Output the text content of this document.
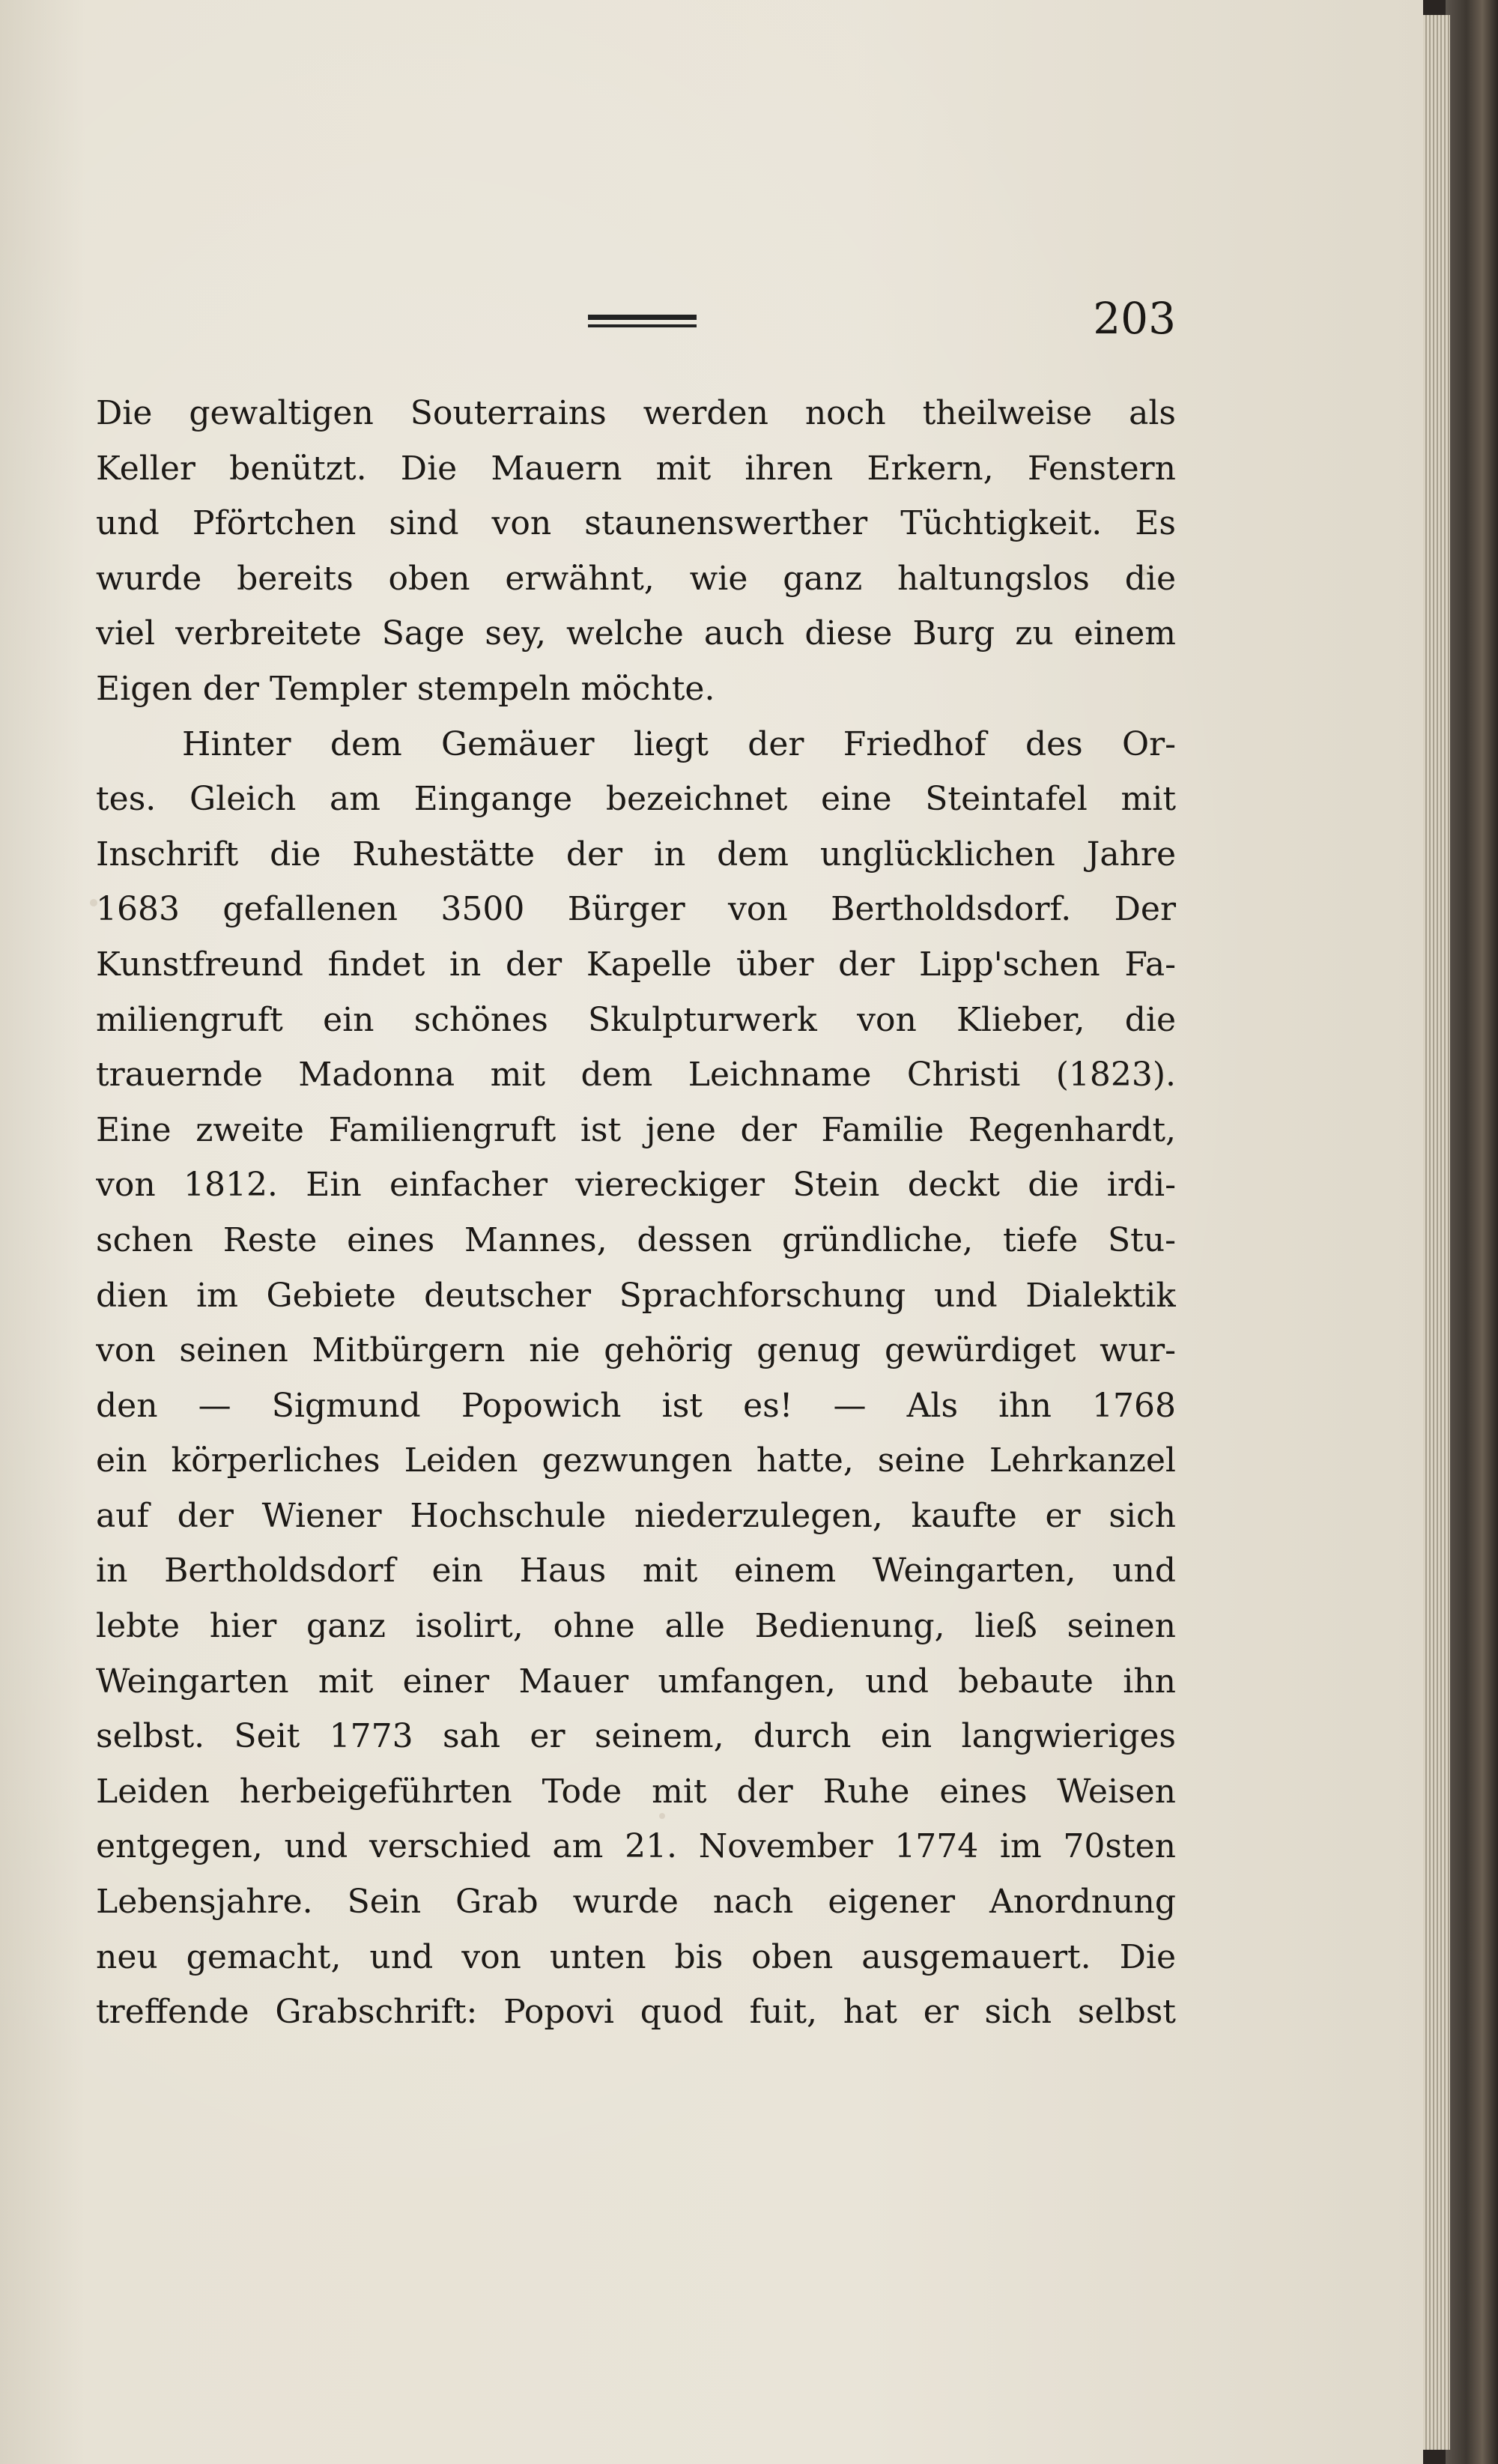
203
Die gewaltigen Souterrains werden noch theilweise als
Keller benützt. Die Mauern mit ihren Erkern, Fenstern
und Pförtchen sind von staunenswerther Tüchtigkeit. Es
wurde bereits oben erwähnt, wie ganz haltungslos die
viel verbreitete Sage sey, welche auch diese Burg zu einem
Eigen der Templer stempeln möchte.
Hinter dem Gemäuer liegt der Friedhof des Or-
tes. Gleich am Eingange bezeichnet eine Steintafel mit
Inschrift die Ruhestätte der in dem unglücklichen Jahre
1683 gefallenen 3500 Bürger von Bertholdsdorf. Der
Kunstfreund findet in der Kapelle über der Lipp'schen Fa-
miliengruft ein schönes Skulpturwerk von Klieber, die
trauernde Madonna mit dem Leichname Christi (1823).
Eine zweite Familiengruft ist jene der Familie Regenhardt,
von 1812. Ein einfacher viereckiger Stein deckt die irdi-
schen Reste eines Mannes, dessen gründliche, tiefe Stu-
dien im Gebiete deutscher Sprachforschung und Dialektik
von seinen Mitbürgern nie gehörig genug gewürdiget wur-
den — Sigmund Popowich ist es! — Als ihn 1768
ein körperliches Leiden gezwungen hatte, seine Lehrkanzel
auf der Wiener Hochschule niederzulegen, kaufte er sich
in Bertholdsdorf ein Haus mit einem Weingarten, und
lebte hier ganz isolirt, ohne alle Bedienung, ließ seinen
Weingarten mit einer Mauer umfangen, und bebaute ihn
selbst. Seit 1773 sah er seinem, durch ein langwieriges
Leiden herbeigeführten Tode mit der Ruhe eines Weisen
entgegen, und verschied am 21. November 1774 im 70sten
Lebensjahre. Sein Grab wurde nach eigener Anordnung
neu gemacht, und von unten bis oben ausgemauert. Die
treffende Grabschrift: Popovi quod fuit, hat er sich selbst
